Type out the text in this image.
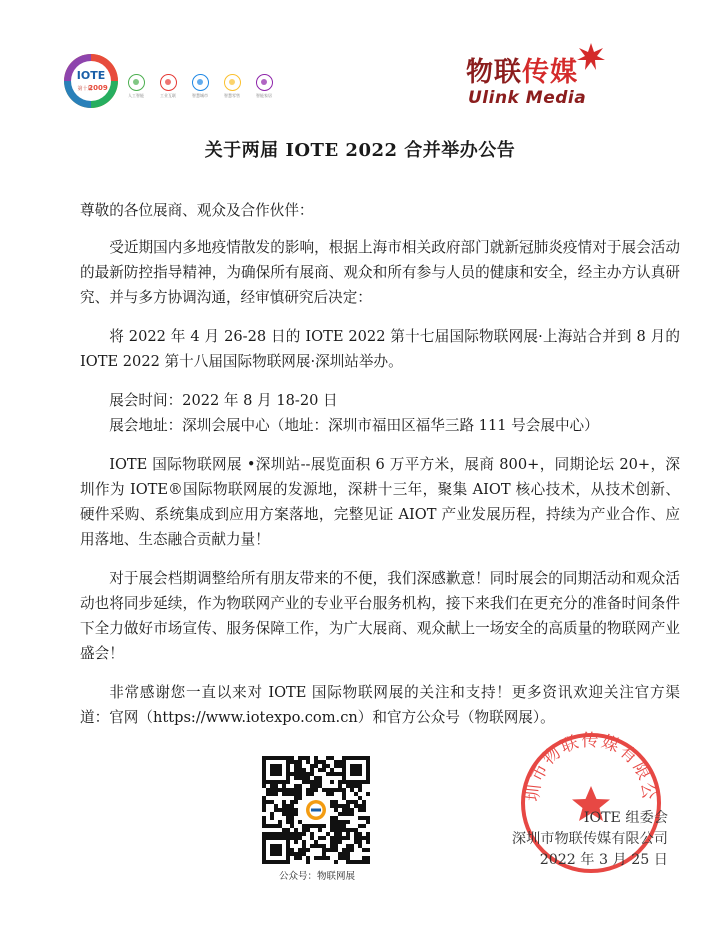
IOTE
第十届
2009
人工智能	工业互联	智慧城市	智慧零售	智能家居
物联传媒
Ulink Media
关于两届 IOTE 2022 合并举办公告

尊敬的各位展商、观众及合作伙伴：

受近期国内多地疫情散发的影响，根据上海市相关政府部门就新冠肺炎疫情对于展会活动的最新防控指导精神，为确保所有展商、观众和所有参与人员的健康和安全，经主办方认真研究、并与多方协调沟通，经审慎研究后决定：

将 2022 年 4 月 26-28 日的 IOTE 2022 第十七届国际物联网展·上海站合并到 8 月的 IOTE 2022 第十八届国际物联网展·深圳站举办。

展会时间：2022 年 8 月 18-20 日

展会地址：深圳会展中心（地址：深圳市福田区福华三路 111 号会展中心）

IOTE 国际物联网展 •深圳站--展览面积 6 万平方米，展商 800+，同期论坛 20+，深圳作为 IOTE®国际物联网展的发源地，深耕十三年，聚集 AIOT 核心技术，从技术创新、硬件采购、系统集成到应用方案落地，完整见证 AIOT 产业发展历程，持续为产业合作、应用落地、生态融合贡献力量！

对于展会档期调整给所有朋友带来的不便，我们深感歉意！同时展会的同期活动和观众活动也将同步延续，作为物联网产业的专业平台服务机构，接下来我们在更充分的准备时间条件下全力做好市场宣传、服务保障工作，为广大展商、观众献上一场安全的高质量的物联网产业盛会！

非常感谢您一直以来对 IOTE 国际物联网展的关注和支持！更多资讯欢迎关注官方渠道：官网（https://www.iotexpo.com.cn）和官方公众号（物联网展）。

公众号：物联网展
圳市物联传媒有限公

IOTE 组委会

深圳市物联传媒有限公司

2022 年 3 月 25 日
